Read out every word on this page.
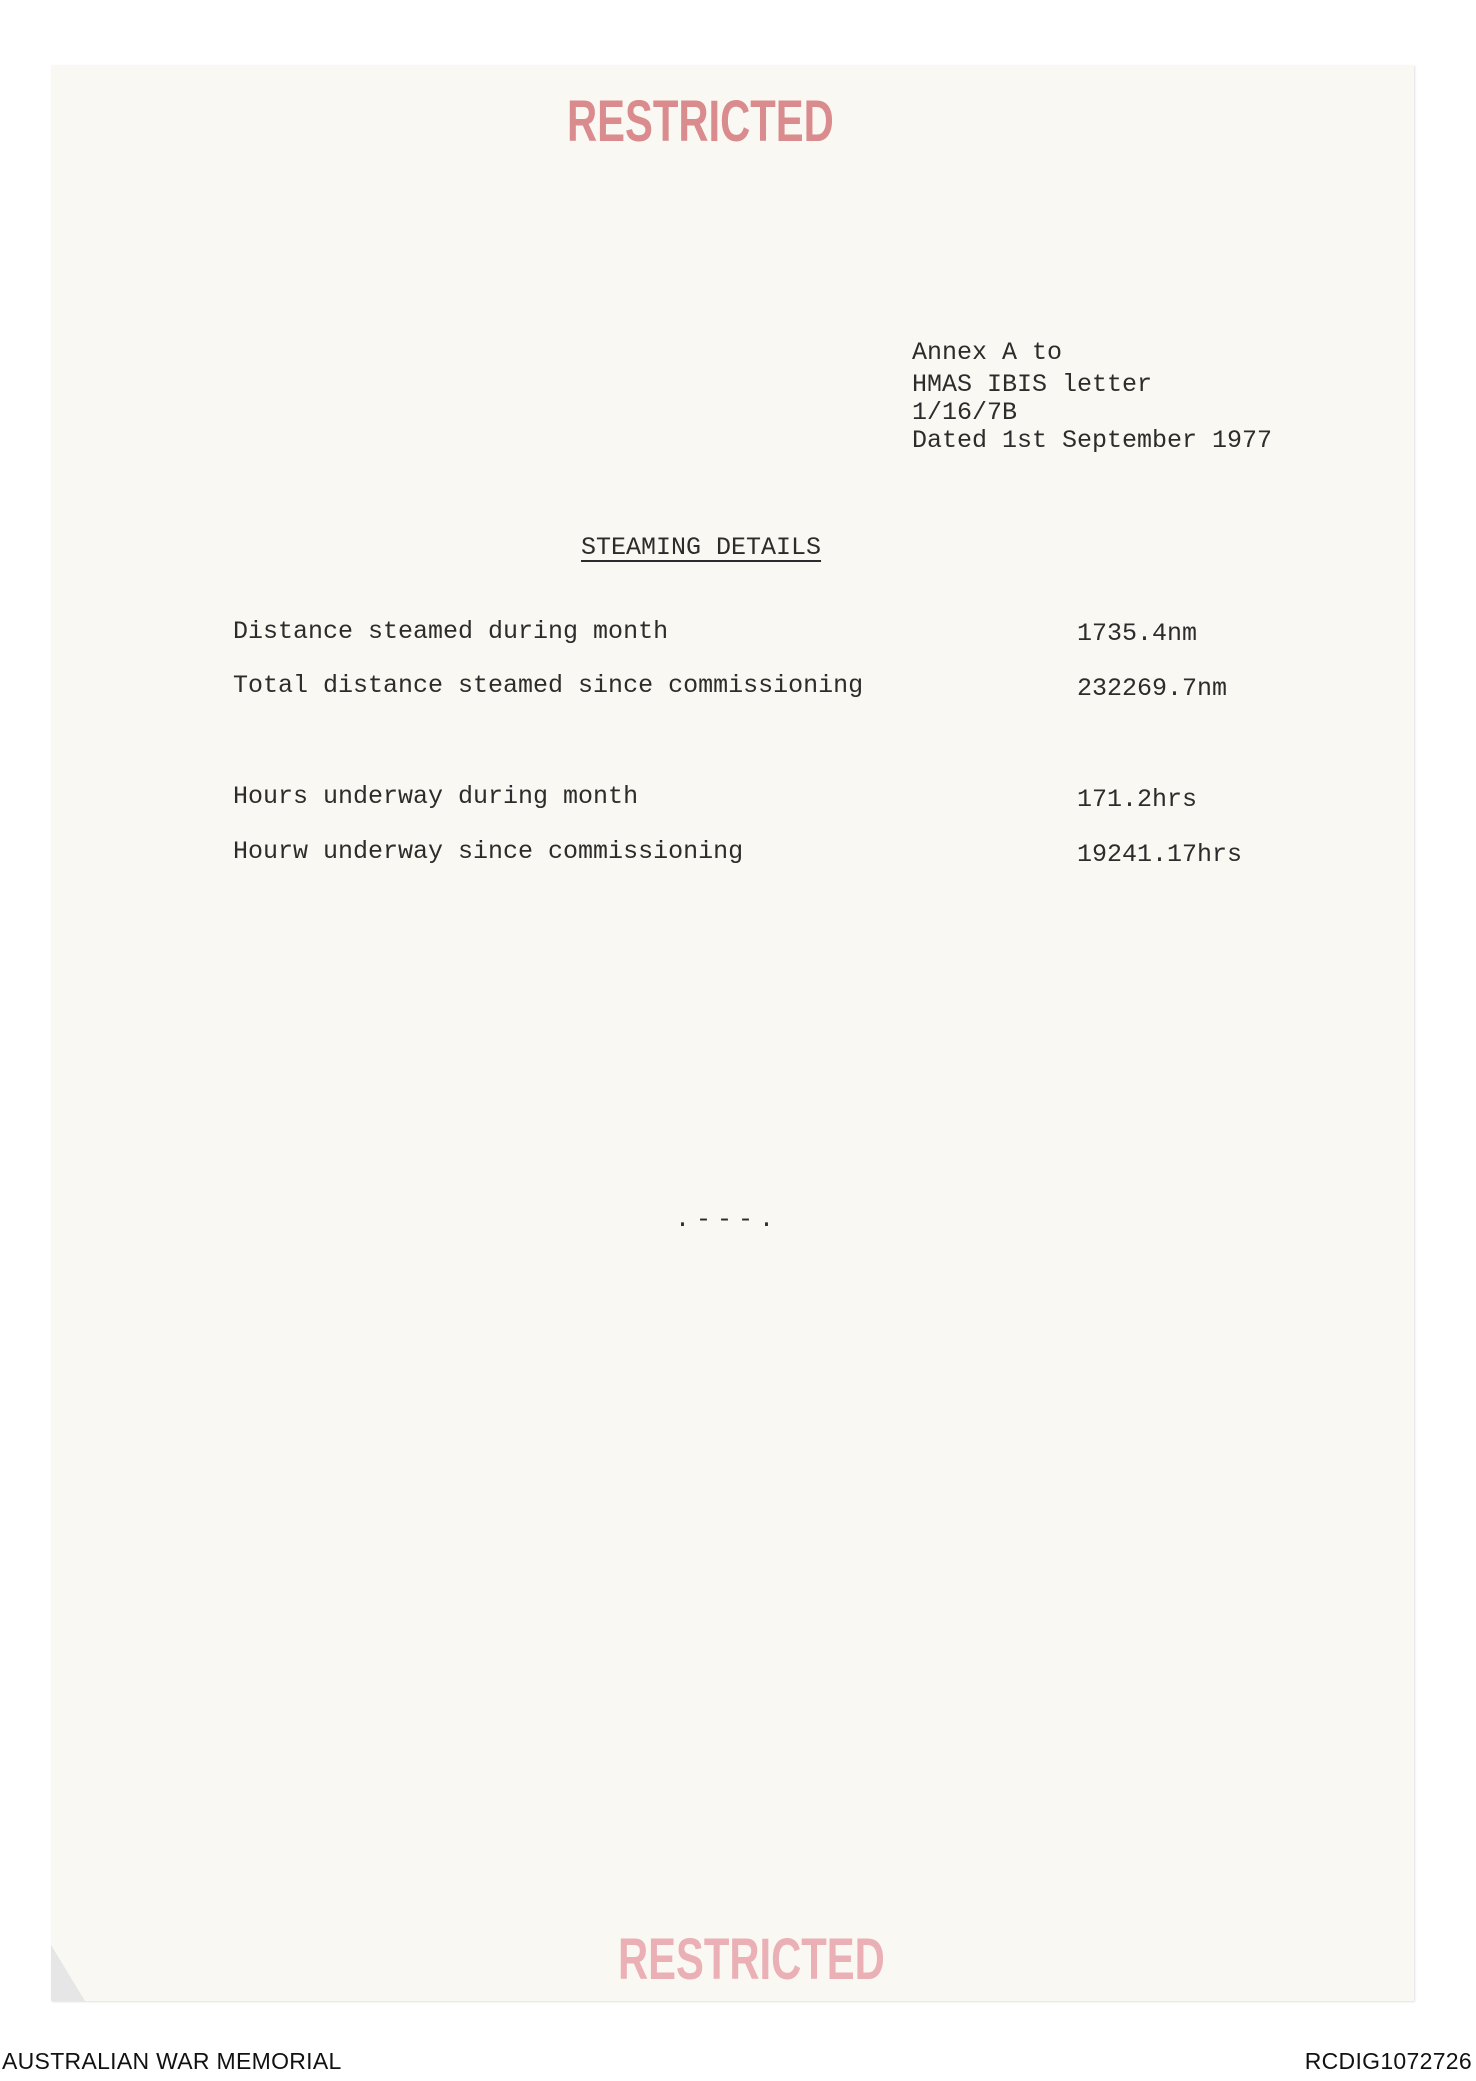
RESTRICTED
Annex A to
HMAS IBIS letter
1/16/7B
Dated 1st September 1977
STEAMING DETAILS
Distance steamed during month	1735.4nm
Total distance steamed since commissioning	232269.7nm
Hours underway during month	171.2hrs
Hourw underway since commissioning	19241.17hrs
.---.
RESTRICTED
AUSTRALIAN WAR MEMORIAL	RCDIG1072726
